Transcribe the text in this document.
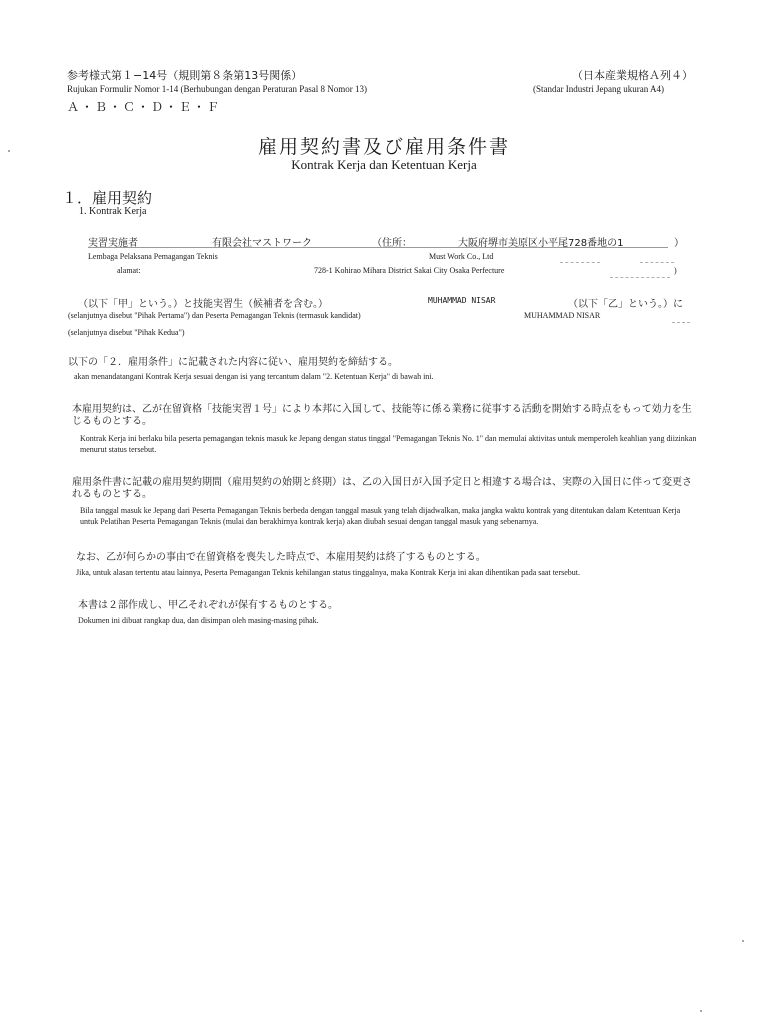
参考様式第１−14号（規則第８条第13号関係）
Rujukan Formulir Nomor 1-14 (Berhubungan dengan Peraturan Pasal 8 Nomor 13)
（日本産業規格Ａ列４）
(Standar Industri Jepang ukuran A4)
Ａ・Ｂ・Ｃ・Ｄ・Ｅ・Ｆ
雇用契約書及び雇用条件書
Kontrak Kerja dan Ketentuan Kerja
１．雇用契約
1. Kontrak Kerja
実習実施者	有限会社マストワーク	（住所：	大阪府堺市美原区小平尾728番地の1	）
Lembaga Pelaksana Pemagangan Teknis	Must Work Co., Ltd
alamat:	728-1 Kohirao Mihara District Sakai City Osaka Perfecture	)
（以下「甲」という。）と技能実習生（候補者を含む。）	MUHAMMAD NISAR	（以下「乙」という。）に
(selanjutnya disebut "Pihak Pertama") dan Peserta Pemagangan Teknis (termasuk kandidat)	MUHAMMAD NISAR
(selanjutnya disebut "Pihak Kedua")
以下の「２．雇用条件」に記載された内容に従い、雇用契約を締結する。
akan menandatangani Kontrak Kerja sesuai dengan isi yang tercantum dalam "2. Ketentuan Kerja" di bawah ini.
本雇用契約は、乙が在留資格「技能実習１号」により本邦に入国して、技能等に係る業務に従事する活動を開始する時点をもって効力を生じるものとする。
Kontrak Kerja ini berlaku bila peserta pemagangan teknis masuk ke Jepang dengan status tinggal "Pemagangan Teknis No. 1" dan memulai aktivitas untuk memperoleh keahlian yang diizinkan menurut status tersebut.
雇用条件書に記載の雇用契約期間（雇用契約の始期と終期）は、乙の入国日が入国予定日と相違する場合は、実際の入国日に伴って変更されるものとする。
Bila tanggal masuk ke Jepang dari Peserta Pemagangan Teknis berbeda dengan tanggal masuk yang telah dijadwalkan, maka jangka waktu kontrak yang ditentukan dalam Ketentuan Kerja untuk Pelatihan Peserta Pemagangan Teknis (mulai dan berakhirnya kontrak kerja) akan diubah sesuai dengan tanggal masuk yang sebenarnya.
なお、乙が何らかの事由で在留資格を喪失した時点で、本雇用契約は終了するものとする。
Jika, untuk alasan tertentu atau lainnya, Peserta Pemagangan Teknis kehilangan status tinggalnya, maka Kontrak Kerja ini akan dihentikan pada saat tersebut.
本書は２部作成し、甲乙それぞれが保有するものとする。
Dokumen ini dibuat rangkap dua, dan disimpan oleh masing-masing pihak.
